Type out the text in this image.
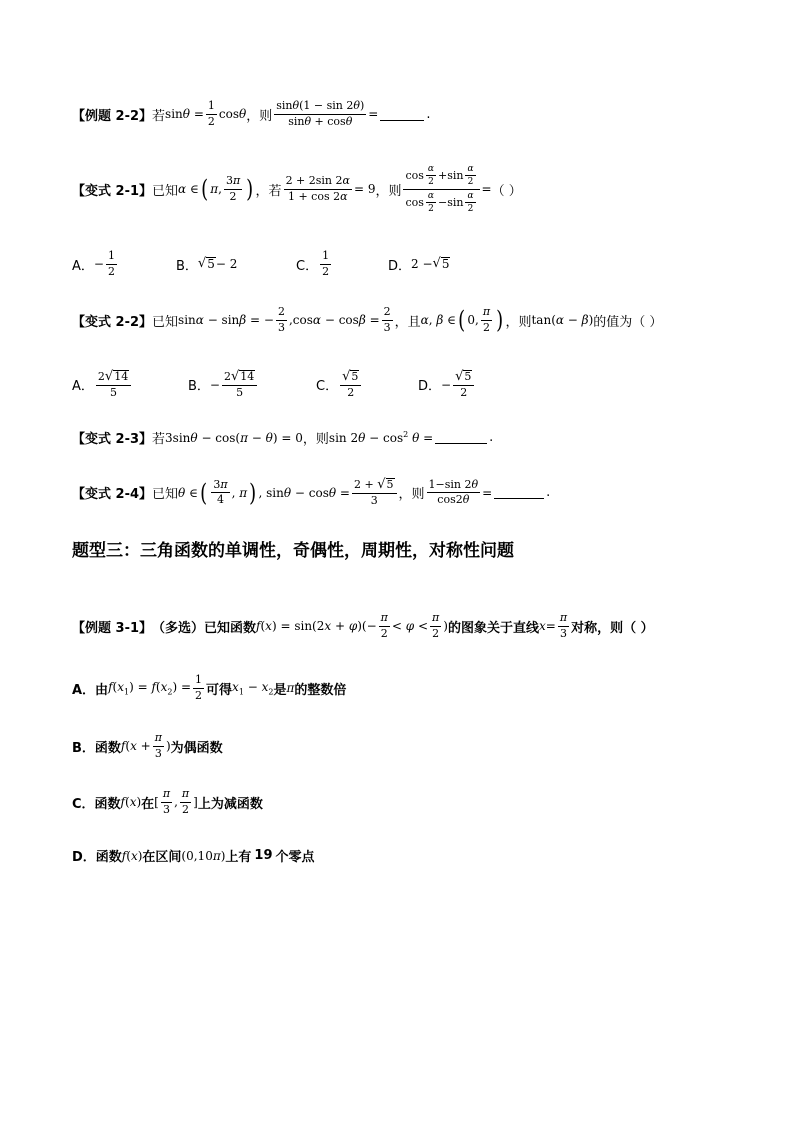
【例题 2-2】 若 $\sin\theta = \frac{1}{2}$ cosθ ，则 $\frac{\sin\theta(1 - \sin 2\theta)}{\sin\theta + \cos\theta}$ =	.
【变式 2-1】 已知 α ∈ ( π, $\frac{3\pi}{2}$ ) ，若 $\frac{2 + 2\sin 2\alpha}{1 + \cos 2\alpha} = 9$ ，则 $\frac{\cos \frac{\alpha}{2} +\sin \frac{\alpha}{2}}{\cos \frac{\alpha}{2} -\sin \frac{\alpha}{2}}$ = （ ）
A． − $\frac{1}{2}$	B． √ 5 − 2	C． $\frac{1}{2}$	D． 2 − √ 5
【变式 2-2】 已知 sinα − sinβ = − $\frac{2}{3} ,\cos\alpha - \cos\beta = \frac{2}{3}$ ，且 α, β ∈ ( 0, $\frac{\pi}{2}$ ) ，则 tan(α − β) 的值为（ ）
A． $\frac{2 √ 14}{5}$	B． − $\frac{2 √ 14}{5}$	C． $\frac{√ 5}{2}$	D． − $\frac{√ 5}{2}$
【变式 2-3】 若 3sinθ − cos(π − θ) = 0 ，则 $\sin 2\theta - \cos^2 \theta$ =	.
【变式 2-4】 已知 θ ∈ ( $\frac{3\pi}{4}$ , π ) , $\sin\theta - \cos\theta = \frac{2 + √ 5}{3}$ ，则 $\frac{1-\sin 2\theta}{\cos 2\theta}$ =	.
题型三：三角函数的单调性，奇偶性，周期性，对称性问题
【例题 3-1】 （多选）已知函数 $f(x) = \sin(2x + \varphi)(- \frac{\pi}{2} < \varphi < \frac{\pi}{2}$ ) 的图象关于直线 $x = \frac{\pi}{3}$ 对称，则（ ）
A．由 $f(x_1) = f(x_2) = \frac{1}{2}$ 可得 $x_1 - x_2$ 是 π 的整数倍
B．函数 $f(x + \frac{\pi}{3}$ ) 为偶函数
C．函数 f(x) 在 [ $\frac{\pi}{3}$ , $\frac{\pi}{2}$ ] 上为减函数
D．函数 f(x) 在区间 (0,10π) 上有 19 个零点
